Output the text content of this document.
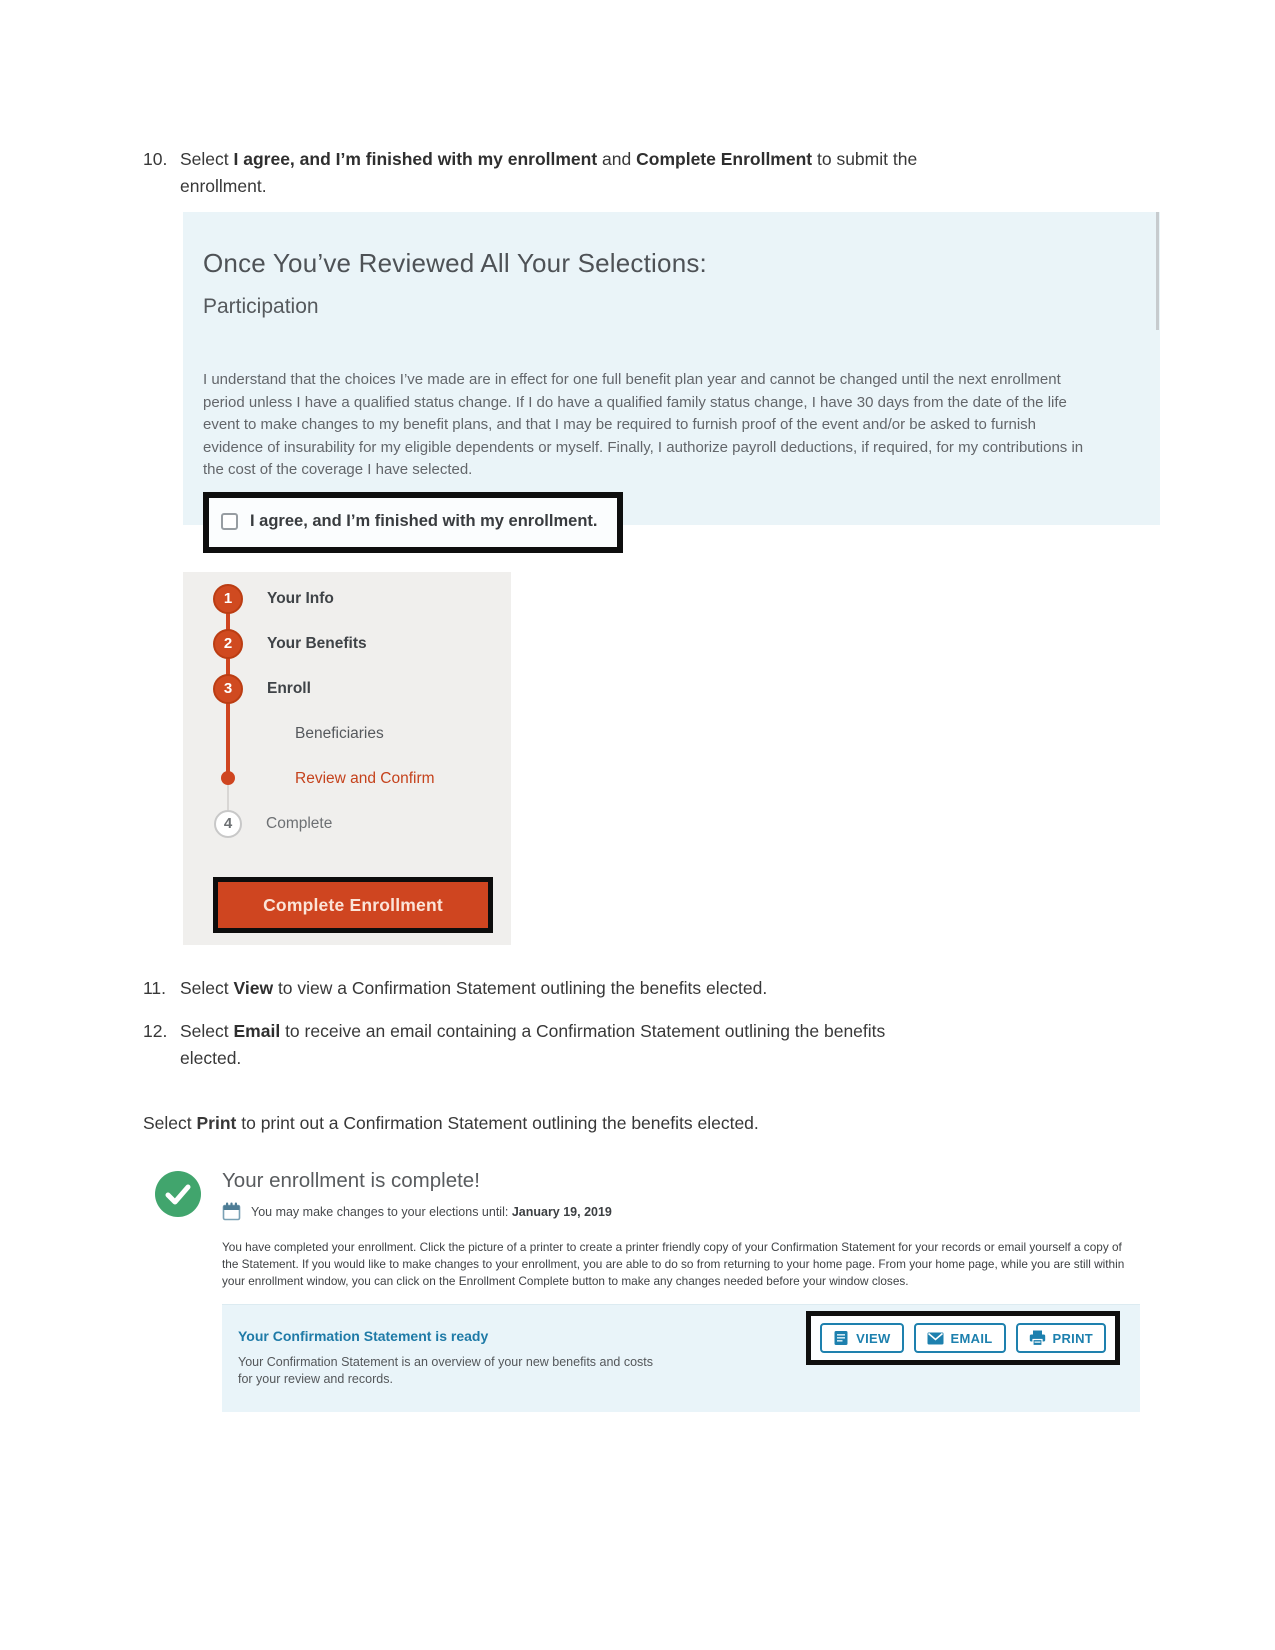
10. Select I agree, and I’m finished with my enrollment and Complete Enrollment to submit the enrollment.
Once You’ve Reviewed All Your Selections:
Participation
I understand that the choices I’ve made are in effect for one full benefit plan year and cannot be changed until the next enrollment period unless I have a qualified status change. If I do have a qualified family status change, I have 30 days from the date of the life event to make changes to my benefit plans, and that I may be required to furnish proof of the event and/or be asked to furnish evidence of insurability for my eligible dependents or myself. Finally, I authorize payroll deductions, if required, for my contributions in the cost of the coverage I have selected.
I agree, and I’m finished with my enrollment.
1	Your Info
2	Your Benefits
3	Enroll
Beneficiaries
Review and Confirm
4	Complete
Complete Enrollment
11. Select View to view a Confirmation Statement outlining the benefits elected.
12. Select Email to receive an email containing a Confirmation Statement outlining the benefits elected.
Select Print to print out a Confirmation Statement outlining the benefits elected.
Your enrollment is complete!
You may make changes to your elections until: January 19, 2019
You have completed your enrollment. Click the picture of a printer to create a printer friendly copy of your Confirmation Statement for your records or email yourself a copy of the Statement. If you would like to make changes to your enrollment, you are able to do so from returning to your home page. From your home page, while you are still within your enrollment window, you can click on the Enrollment Complete button to make any changes needed before your window closes.
Your Confirmation Statement is ready
Your Confirmation Statement is an overview of your new benefits and costs for your review and records.
VIEW	EMAIL	PRINT
